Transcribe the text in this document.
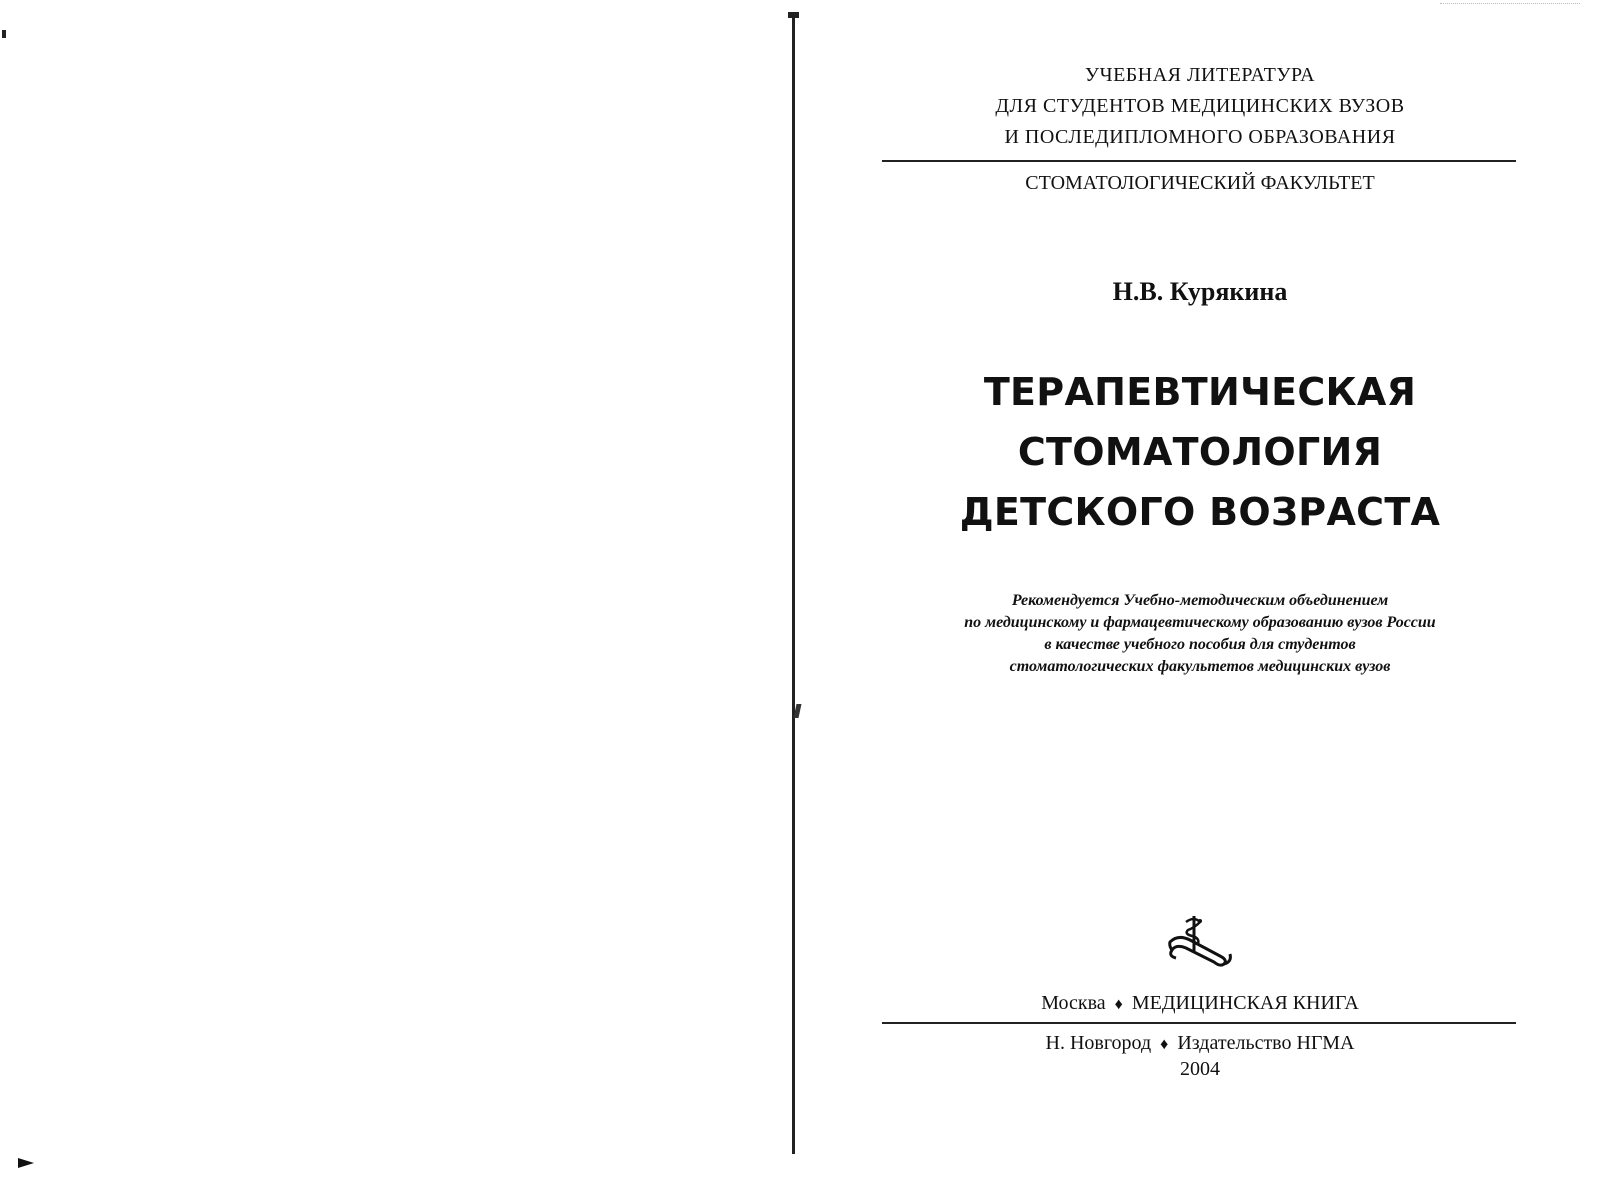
УЧЕБНАЯ ЛИТЕРАТУРА
ДЛЯ СТУДЕНТОВ МЕДИЦИНСКИХ ВУЗОВ
И ПОСЛЕДИПЛОМНОГО ОБРАЗОВАНИЯ
СТОМАТОЛОГИЧЕСКИЙ ФАКУЛЬТЕТ
Н.В. Курякина
ТЕРАПЕВТИЧЕСКАЯ
СТОМАТОЛОГИЯ
ДЕТСКОГО ВОЗРАСТА
Рекомендуется Учебно-методическим объединением
по медицинскому и фармацевтическому образованию вузов России
в качестве учебного пособия для студентов
стоматологических факультетов медицинских вузов
Москва ♦ МЕДИЦИНСКАЯ КНИГА
Н. Новгород ♦ Издательство НГМА
2004
